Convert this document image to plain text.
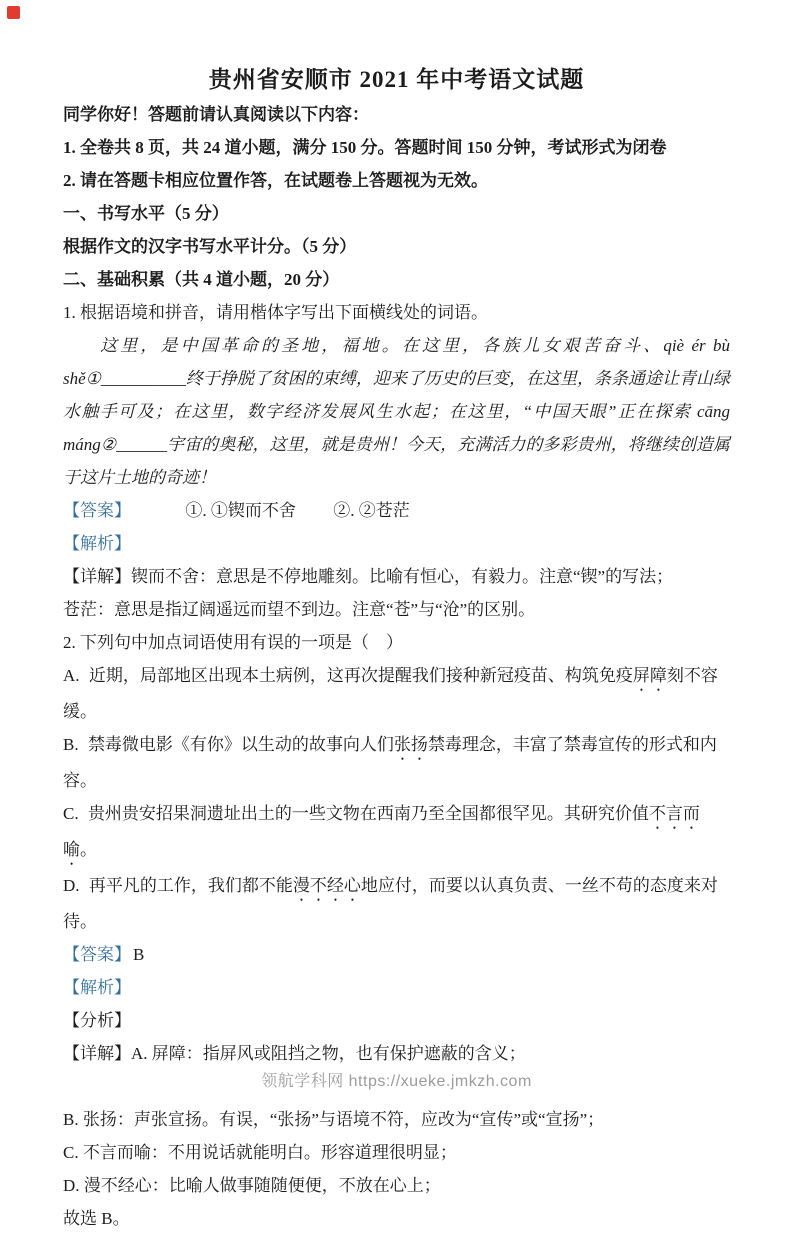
贵州省安顺市 2021 年中考语文试题
同学你好！答题前请认真阅读以下内容：
1. 全卷共 8 页，共 24 道小题，满分 150 分。答题时间 150 分钟，考试形式为闭卷
2. 请在答题卡相应位置作答，在试题卷上答题视为无效。
一、书写水平（5 分）
根据作文的汉字书写水平计分。（5 分）
二、基础积累（共 4 道小题，20 分）
1. 根据语境和拼音，请用楷体字写出下面横线处的词语。
这里，是中国革命的圣地，福地。在这里，各族儿女艰苦奋斗、qiè ér bù shě①__________终于挣脱了贫困的束缚，迎来了历史的巨变，在这里，条条通途让青山绿水触手可及；在这里，数字经济发展风生水起；在这里，“中国天眼”正在探索 cāng máng②______宇宙的奥秘，这里，就是贵州！今天，充满活力的多彩贵州，将继续创造属于这片土地的奇迹！
【答案】	①. ①锲而不舍 ②. ②苍茫
【解析】
【详解】锲而不舍：意思是不停地雕刻。比喻有恒心，有毅力。注意“锲”的写法；
苍茫：意思是指辽阔遥远而望不到边。注意“苍”与“沧”的区别。
2. 下列句中加点词语使用有误的一项是（　）
A. 近期，局部地区出现本土病例，这再次提醒我们接种新冠疫苗、构筑免疫屏障刻不容缓。
B. 禁毒微电影《有你》以生动的故事向人们张扬禁毒理念，丰富了禁毒宣传的形式和内容。
C. 贵州贵安招果洞遗址出土的一些文物在西南乃至全国都很罕见。其研究价值不言而喻。
D. 再平凡的工作，我们都不能漫不经心地应付，而要以认真负责、一丝不苟的态度来对待。
【答案】 B
【解析】
【分析】
【详解】A. 屏障：指屏风或阻挡之物，也有保护遮蔽的含义；
B. 张扬：声张宣扬。有误，“张扬”与语境不符，应改为“宣传”或“宣扬”；
C. 不言而喻：不用说话就能明白。形容道理很明显；
D. 漫不经心：比喻人做事随随便便，不放在心上；
故选 B。
领航学科网 https://xueke.jmkzh.com
